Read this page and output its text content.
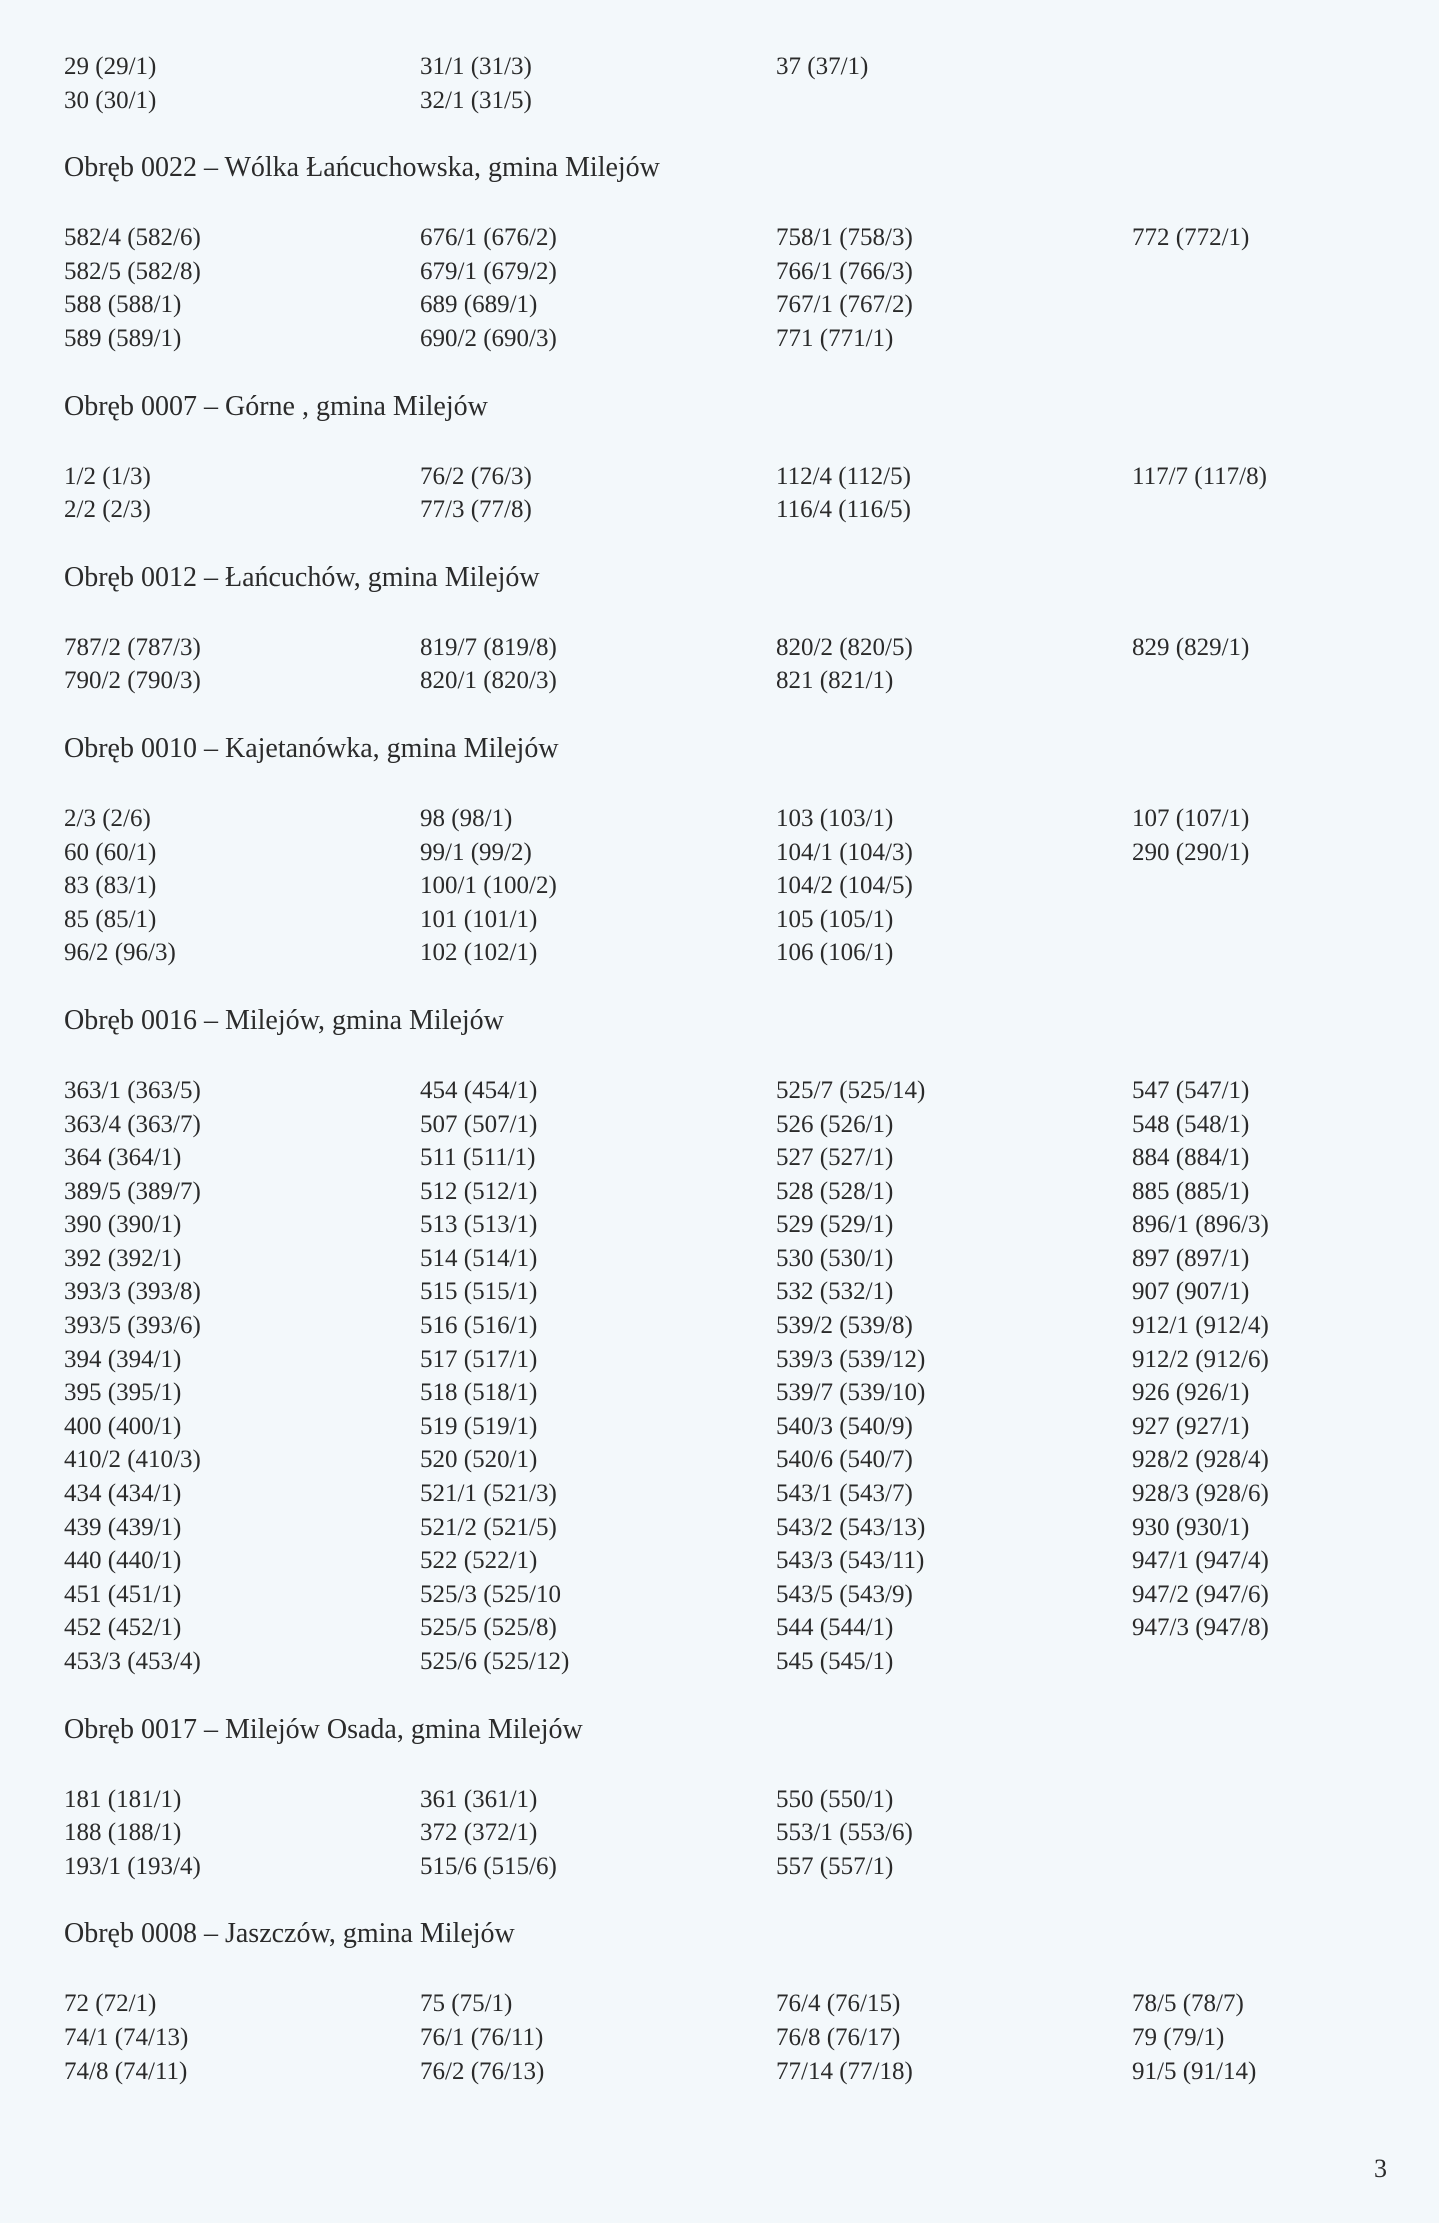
29 (29/1)
30 (30/1)
31/1 (31/3)
32/1 (31/5)
37 (37/1)
Obręb 0022 – Wólka Łańcuchowska, gmina Milejów
582/4 (582/6)
582/5 (582/8)
588 (588/1)
589 (589/1)
676/1 (676/2)
679/1 (679/2)
689 (689/1)
690/2 (690/3)
758/1 (758/3)
766/1 (766/3)
767/1 (767/2)
771 (771/1)
772 (772/1)
Obręb 0007 – Górne , gmina Milejów
1/2 (1/3)
2/2 (2/3)
76/2 (76/3)
77/3 (77/8)
112/4 (112/5)
116/4 (116/5)
117/7 (117/8)
Obręb 0012 – Łańcuchów, gmina Milejów
787/2 (787/3)
790/2 (790/3)
819/7 (819/8)
820/1 (820/3)
820/2 (820/5)
821 (821/1)
829 (829/1)
Obręb 0010 – Kajetanówka, gmina Milejów
2/3 (2/6)
60 (60/1)
83 (83/1)
85 (85/1)
96/2 (96/3)
98 (98/1)
99/1 (99/2)
100/1 (100/2)
101 (101/1)
102 (102/1)
103 (103/1)
104/1 (104/3)
104/2 (104/5)
105 (105/1)
106 (106/1)
107 (107/1)
290 (290/1)
Obręb 0016 – Milejów, gmina Milejów
363/1 (363/5)
363/4 (363/7)
364 (364/1)
389/5 (389/7)
390 (390/1)
392 (392/1)
393/3 (393/8)
393/5 (393/6)
394 (394/1)
395 (395/1)
400 (400/1)
410/2 (410/3)
434 (434/1)
439 (439/1)
440 (440/1)
451 (451/1)
452 (452/1)
453/3 (453/4)
454 (454/1)
507 (507/1)
511 (511/1)
512 (512/1)
513 (513/1)
514 (514/1)
515 (515/1)
516 (516/1)
517 (517/1)
518 (518/1)
519 (519/1)
520 (520/1)
521/1 (521/3)
521/2 (521/5)
522 (522/1)
525/3 (525/10
525/5 (525/8)
525/6 (525/12)
525/7 (525/14)
526 (526/1)
527 (527/1)
528 (528/1)
529 (529/1)
530 (530/1)
532 (532/1)
539/2 (539/8)
539/3 (539/12)
539/7 (539/10)
540/3 (540/9)
540/6 (540/7)
543/1 (543/7)
543/2 (543/13)
543/3 (543/11)
543/5 (543/9)
544 (544/1)
545 (545/1)
547 (547/1)
548 (548/1)
884 (884/1)
885 (885/1)
896/1 (896/3)
897 (897/1)
907 (907/1)
912/1 (912/4)
912/2 (912/6)
926 (926/1)
927 (927/1)
928/2 (928/4)
928/3 (928/6)
930 (930/1)
947/1 (947/4)
947/2 (947/6)
947/3 (947/8)
Obręb 0017 – Milejów Osada, gmina Milejów
181 (181/1)
188 (188/1)
193/1 (193/4)
361 (361/1)
372 (372/1)
515/6 (515/6)
550 (550/1)
553/1 (553/6)
557 (557/1)
Obręb 0008 – Jaszczów, gmina Milejów
72 (72/1)
74/1 (74/13)
74/8 (74/11)
75 (75/1)
76/1 (76/11)
76/2 (76/13)
76/4 (76/15)
76/8 (76/17)
77/14 (77/18)
78/5 (78/7)
79 (79/1)
91/5 (91/14)
3
